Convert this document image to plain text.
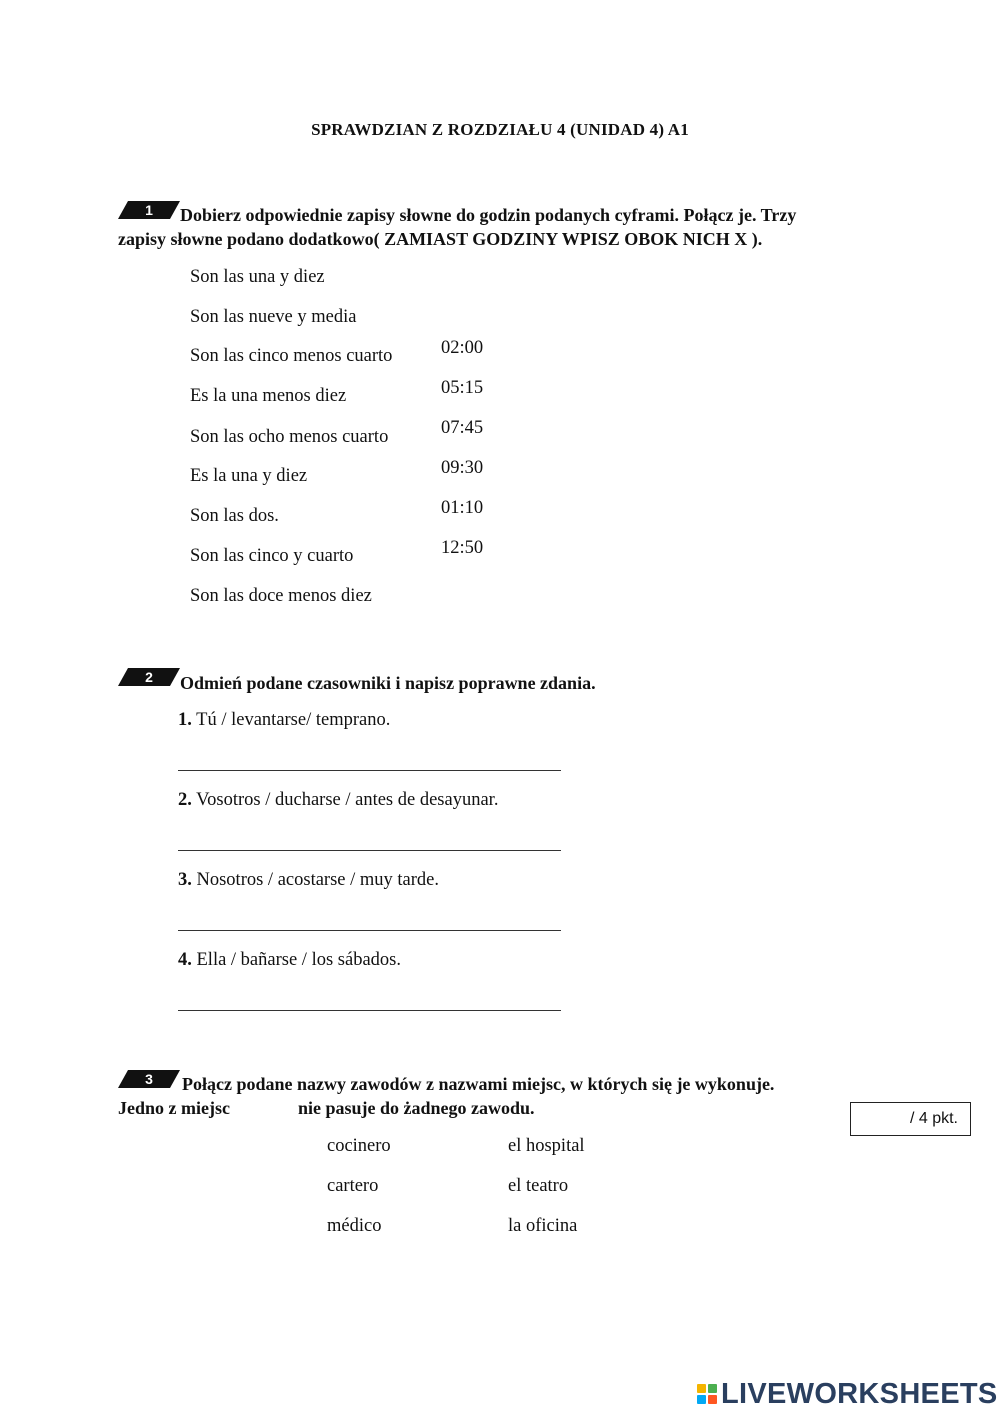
SPRAWDZIAN Z ROZDZIAŁU 4 (UNIDAD 4) A1
1 Dobierz odpowiednie zapisy słowne do godzin podanych cyframi. Połącz je. Trzy
zapisy słowne podano dodatkowo( ZAMIAST GODZINY WPISZ OBOK NICH X ).
Son las una y diez
Son las nueve y media
Son las cinco menos cuarto
Es la una menos diez
Son las ocho menos cuarto
Es la una y diez
Son las dos.
Son las cinco y cuarto
Son las doce menos diez
02:00
05:15
07:45
09:30
01:10
12:50
2 Odmień podane czasowniki i napisz poprawne zdania.
1. Tú / levantarse/ temprano.
2. Vosotros / ducharse / antes de desayunar.
3. Nosotros / acostarse / muy tarde.
4. Ella / bañarse / los sábados.
3 Połącz podane nazwy zawodów z nazwami miejsc, w których się je wykonuje.
Jedno z miejsc	nie pasuje do żadnego zawodu.
/ 4 pkt.
cocinero
cartero
médico
el hospital
el teatro
la oficina
LIVEWORKSHEETS
